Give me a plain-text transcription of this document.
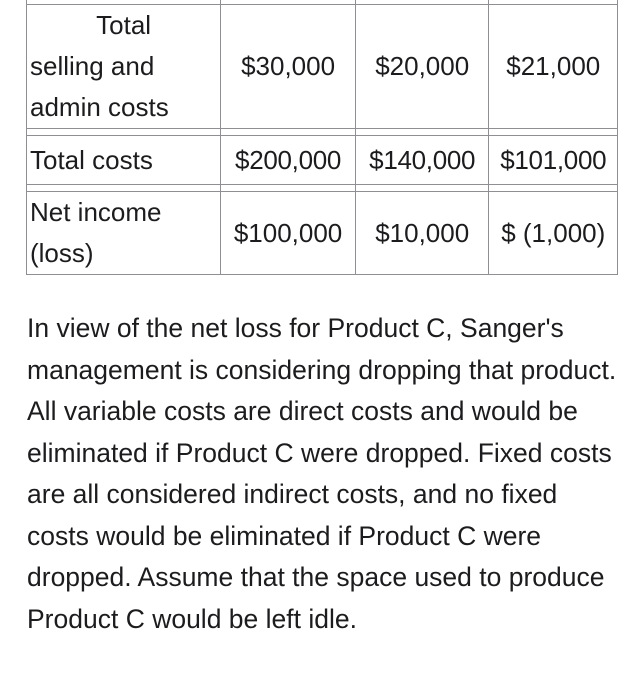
Total
selling and
admin costs	$30,000	$20,000	$21,000

Total costs	$200,000	$140,000	$101,000

Net income
(loss)	$100,000	$10,000	$ (1,000)

In view of the net loss for Product C, Sanger's management is considering dropping that product. All variable costs are direct costs and would be eliminated if Product C were dropped. Fixed costs are all considered indirect costs, and no fixed costs would be eliminated if Product C were dropped. Assume that the space used to produce Product C would be left idle.
